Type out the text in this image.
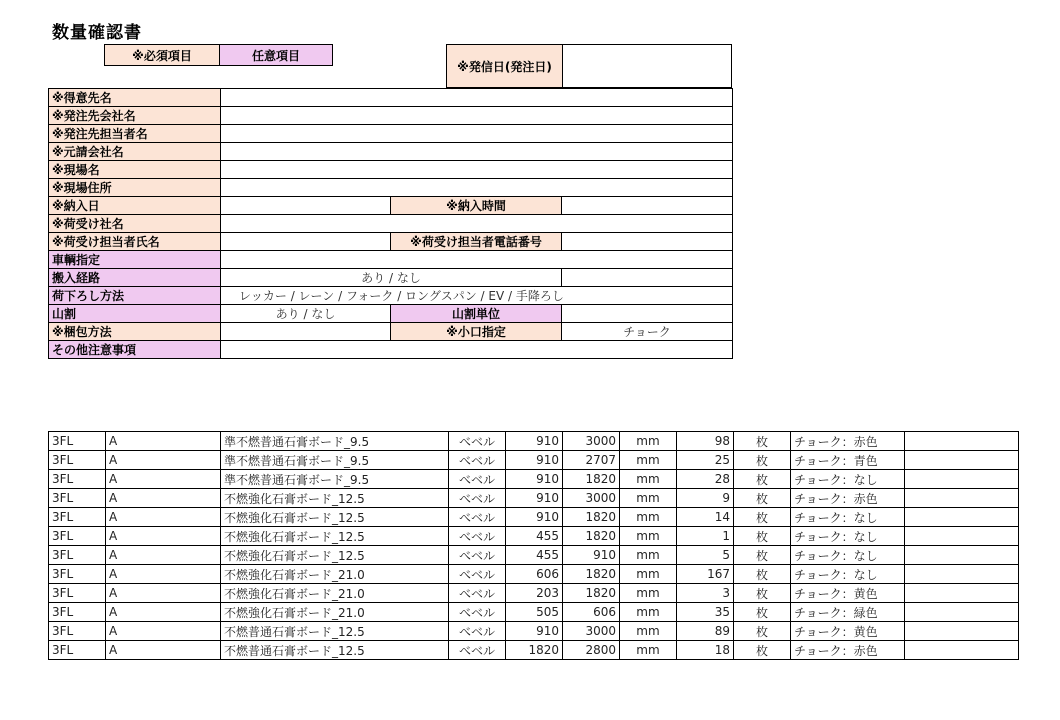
数量確認書
※必須項目	任意項目
※発信日(発注日)
※得意先名			
※発注先会社名			
※発注先担当者名			
※元請会社名			
※現場名			
※現場住所			
※納入日		※納入時間	
※荷受け社名			
※荷受け担当者氏名		※荷受け担当者電話番号	
車輌指定			
搬入経路	あり / なし		
荷下ろし方法	レッカー / レーン / フォーク / ロングスパン / EV / 手降ろし		
山割	あり / なし	山割単位	
※梱包方法		※小口指定	チョーク
その他注意事項			
3FL	A	準不燃普通石膏ボード_9.5	べベル	910	3000	mm	98	枚	チョーク：赤色	
3FL	A	準不燃普通石膏ボード_9.5	べベル	910	2707	mm	25	枚	チョーク：青色	
3FL	A	準不燃普通石膏ボード_9.5	べベル	910	1820	mm	28	枚	チョーク：なし	
3FL	A	不燃強化石膏ボード_12.5	べベル	910	3000	mm	9	枚	チョーク：赤色	
3FL	A	不燃強化石膏ボード_12.5	べベル	910	1820	mm	14	枚	チョーク：なし	
3FL	A	不燃強化石膏ボード_12.5	べベル	455	1820	mm	1	枚	チョーク：なし	
3FL	A	不燃強化石膏ボード_12.5	べベル	455	910	mm	5	枚	チョーク：なし	
3FL	A	不燃強化石膏ボード_21.0	べベル	606	1820	mm	167	枚	チョーク：なし	
3FL	A	不燃強化石膏ボード_21.0	べベル	203	1820	mm	3	枚	チョーク：黄色	
3FL	A	不燃強化石膏ボード_21.0	べベル	505	606	mm	35	枚	チョーク：緑色	
3FL	A	不燃普通石膏ボード_12.5	べベル	910	3000	mm	89	枚	チョーク：黄色	
3FL	A	不燃普通石膏ボード_12.5	べベル	1820	2800	mm	18	枚	チョーク：赤色	
